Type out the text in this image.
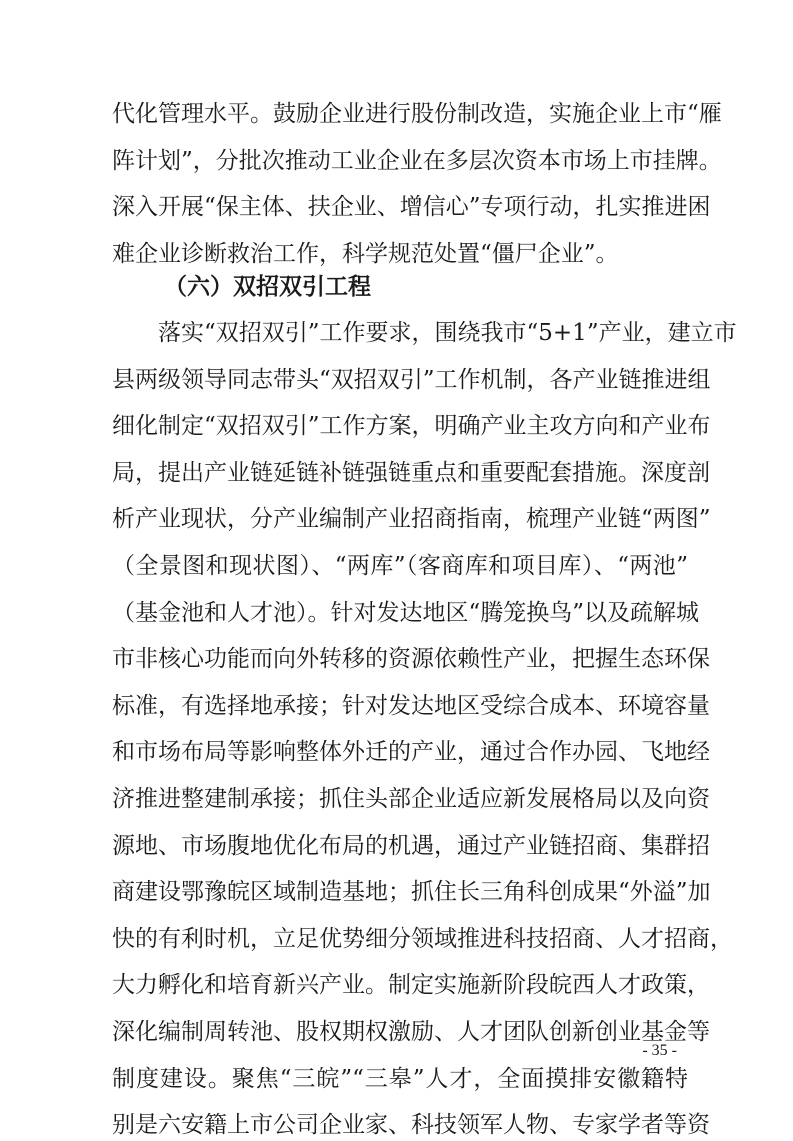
代化管理水平。鼓励企业进行股份制改造，实施企业上市“雁
阵计划”，分批次推动工业企业在多层次资本市场上市挂牌。
深入开展“保主体、扶企业、增信心”专项行动，扎实推进困
难企业诊断救治工作，科学规范处置“僵尸企业”。
（六）双招双引工程
- 35 -
落实“双招双引”工作要求，围绕我市“5+1”产业，建立市
县两级领导同志带头“双招双引”工作机制，各产业链推进组
细化制定“双招双引”工作方案，明确产业主攻方向和产业布
局，提出产业链延链补链强链重点和重要配套措施。深度剖
析产业现状，分产业编制产业招商指南，梳理产业链“两图”
（全景图和现状图）、“两库”（客商库和项目库）、“两池”
（基金池和人才池）。针对发达地区“腾笼换鸟”以及疏解城
市非核心功能而向外转移的资源依赖性产业，把握生态环保
标准，有选择地承接；针对发达地区受综合成本、环境容量
和市场布局等影响整体外迁的产业，通过合作办园、飞地经
济推进整建制承接；抓住头部企业适应新发展格局以及向资
源地、市场腹地优化布局的机遇，通过产业链招商、集群招
商建设鄂豫皖区域制造基地；抓住长三角科创成果“外溢”加
快的有利时机，立足优势细分领域推进科技招商、人才招商，
大力孵化和培育新兴产业。制定实施新阶段皖西人才政策，
深化编制周转池、股权期权激励、人才团队创新创业基金等
制度建设。聚焦“三皖”“三皋”人才，全面摸排安徽籍特
别是六安籍上市公司企业家、科技领军人物、专家学者等资
